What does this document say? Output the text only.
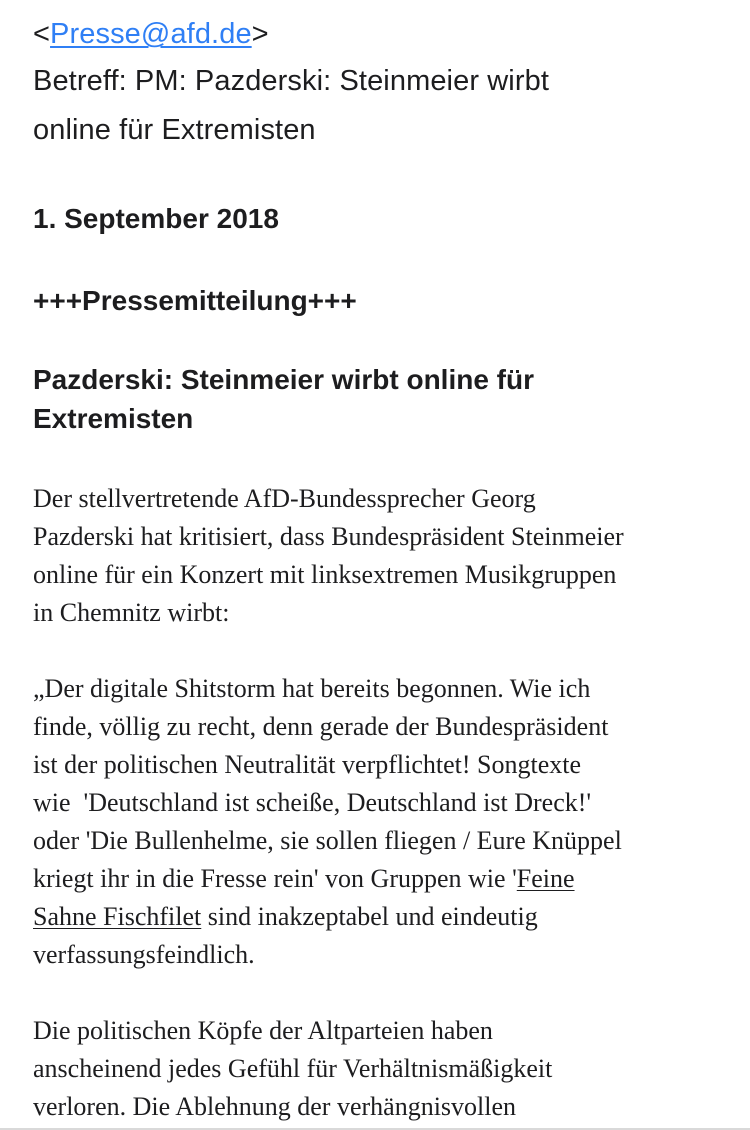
<Presse@afd.de>
Betreff: PM: Pazderski: Steinmeier wirbt
online für Extremisten
1. September 2018
+++Pressemitteilung+++
Pazderski: Steinmeier wirbt online für
Extremisten
Der stellvertretende AfD-Bundessprecher Georg
Pazderski hat kritisiert, dass Bundespräsident Steinmeier
online für ein Konzert mit linksextremen Musikgruppen
in Chemnitz wirbt:
„Der digitale Shitstorm hat bereits begonnen. Wie ich
finde, völlig zu recht, denn gerade der Bundespräsident
ist der politischen Neutralität verpflichtet! Songtexte
wie  'Deutschland ist scheiße, Deutschland ist Dreck!'
oder 'Die Bullenhelme, sie sollen fliegen / Eure Knüppel
kriegt ihr in die Fresse rein' von Gruppen wie 'Feine
Sahne Fischfilet sind inakzeptabel und eindeutig
verfassungsfeindlich.
Die politischen Köpfe der Altparteien haben
anscheinend jedes Gefühl für Verhältnismäßigkeit
verloren. Die Ablehnung der verhängnisvollen
